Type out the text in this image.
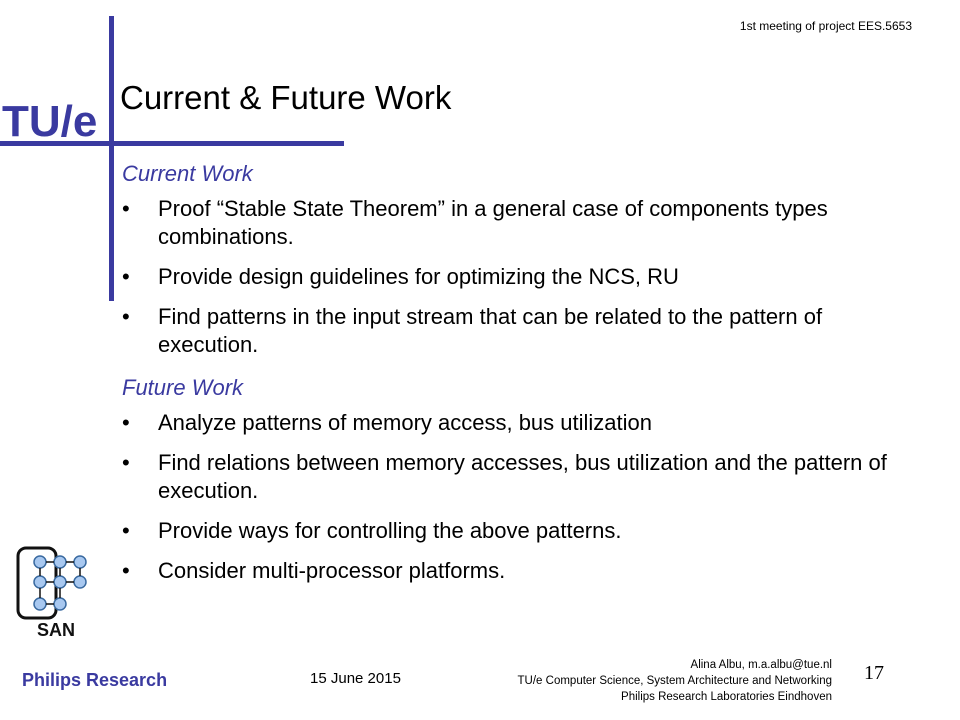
TU/e
1st meeting of project EES.5653
Current & Future Work
Current Work
• Proof “Stable State Theorem” in a general case of components types combinations.
• Provide design guidelines for optimizing the NCS, RU
• Find patterns in the input stream that can be related to the pattern of execution.
Future Work
• Analyze patterns of memory access, bus utilization
• Find relations between memory accesses, bus utilization and the pattern of execution.
• Provide ways for controlling the above patterns.
• Consider multi-processor platforms.
SAN
Philips Research	15 June 2015
Alina Albu, m.a.albu@tue.nl
TU/e Computer Science, System Architecture and Networking
Philips Research Laboratories Eindhoven
17
